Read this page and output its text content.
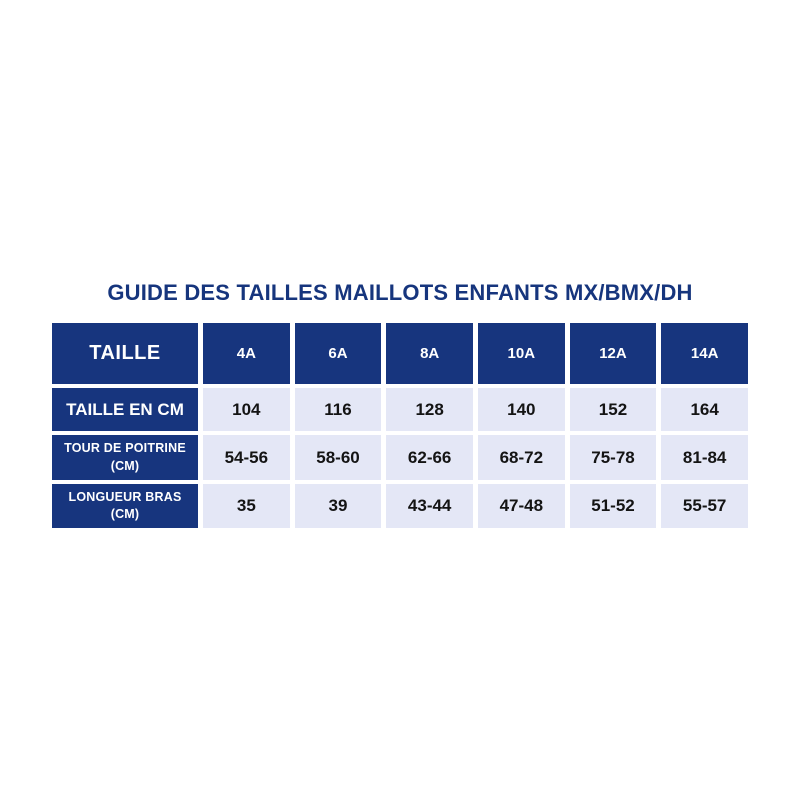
GUIDE DES TAILLES MAILLOTS ENFANTS MX/BMX/DH
TAILLE	4A	6A	8A	10A	12A	14A
TAILLE EN CM	104	116	128	140	152	164
TOUR DE POITRINE
(CM)	54-56	58-60	62-66	68-72	75-78	81-84
LONGUEUR BRAS
(CM)	35	39	43-44	47-48	51-52	55-57
